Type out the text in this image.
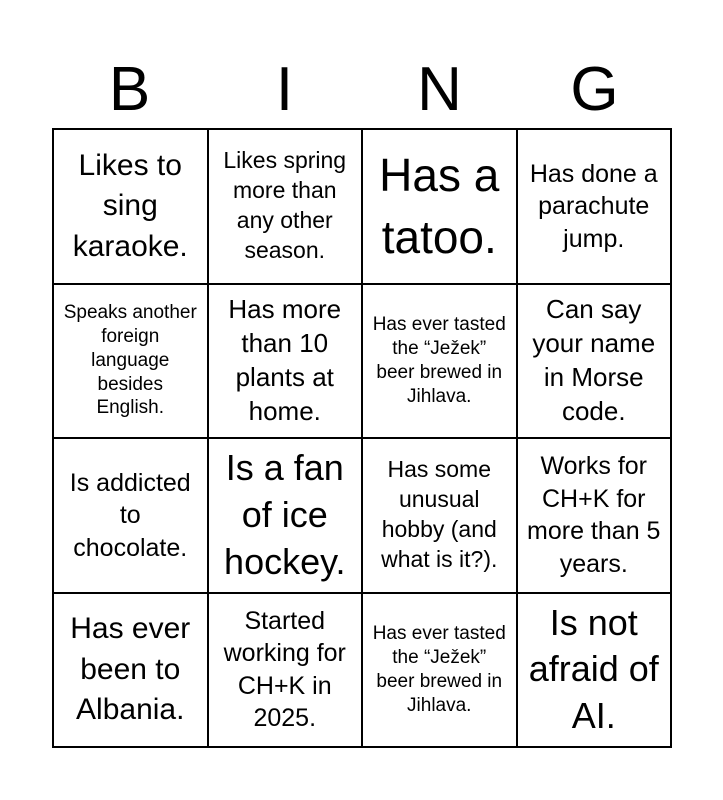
B	I	N	G
Likes to sing karaoke.
Likes spring more than any other season.
Has a tatoo.
Has done a parachute jump.
Speaks another foreign language besides English.
Has more than 10 plants at home.
Has ever tasted the “Ježek” beer brewed in Jihlava.
Can say your name in Morse code.
Is addicted to chocolate.
Is a fan of ice hockey.
Has some unusual hobby (and what is it?).
Works for CH+K for more than 5 years.
Has ever been to Albania.
Started working for CH+K in 2025.
Has ever tasted the “Ježek” beer brewed in Jihlava.
Is not afraid of AI.
